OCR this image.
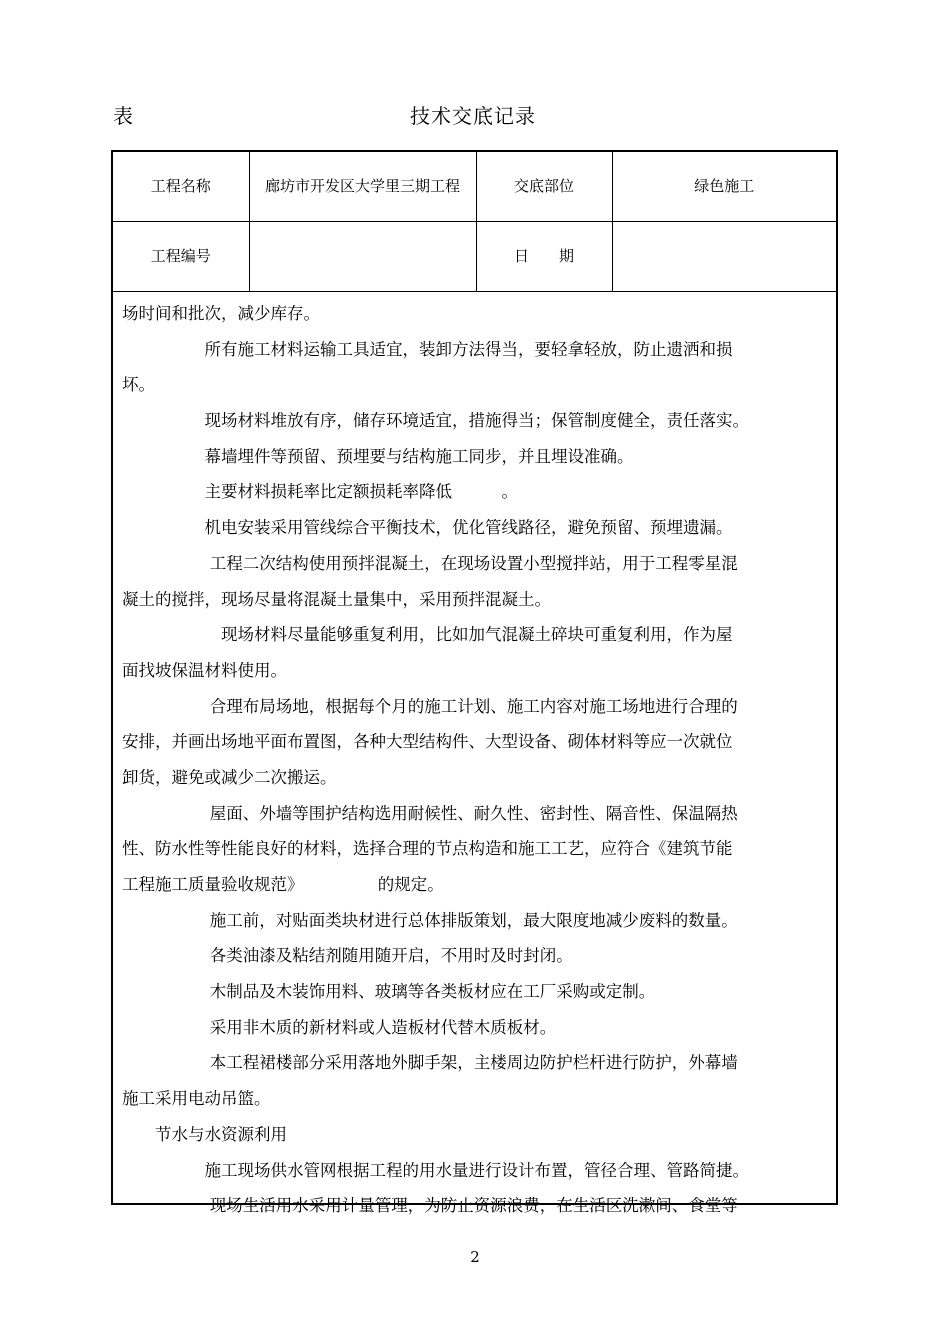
表	技术交底记录
工程名称	廊坊市开发区大学里三期工程	交底部位	绿色施工
工程编号		日　　期	
场时间和批次，减少库存。
　　　　　所有施工材料运输工具适宜，装卸方法得当，要轻拿轻放，防止遗洒和损
坏。
　　　　　现场材料堆放有序，储存环境适宜，措施得当；保管制度健全，责任落实。
　　　　　幕墙埋件等预留、预埋要与结构施工同步，并且埋设准确。
　　　　　主要材料损耗率比定额损耗率降低　　　。
　　　　　机电安装采用管线综合平衡技术，优化管线路径，避免预留、预埋遗漏。
　　　　　 工程二次结构使用预拌混凝土，在现场设置小型搅拌站，用于工程零星混
凝土的搅拌，现场尽量将混凝土量集中，采用预拌混凝土。
　　　　　　现场材料尽量能够重复利用，比如加气混凝土碎块可重复利用，作为屋
面找坡保温材料使用。
　　　　　 合理布局场地，根据每个月的施工计划、施工内容对施工场地进行合理的
安排，并画出场地平面布置图，各种大型结构件、大型设备、砌体材料等应一次就位
卸货，避免或减少二次搬运。
　　　　　 屋面、外墙等围护结构选用耐候性、耐久性、密封性、隔音性、保温隔热
性、防水性等性能良好的材料，选择合理的节点构造和施工工艺，应符合《建筑节能
工程施工质量验收规范》　　　　　的规定。
　　　　　 施工前，对贴面类块材进行总体排版策划，最大限度地减少废料的数量。
　　　　　 各类油漆及粘结剂随用随开启，不用时及时封闭。
　　　　　 木制品及木装饰用料、玻璃等各类板材应在工厂采购或定制。
　　　　　 采用非木质的新材料或人造板材代替木质板材。
　　　　　 本工程裙楼部分采用落地外脚手架，主楼周边防护栏杆进行防护，外幕墙
施工采用电动吊篮。
　　节水与水资源利用
　　　　　施工现场供水管网根据工程的用水量进行设计布置，管径合理、管路简捷。
　　　　　 现场生活用水采用计量管理，为防止资源浪费，在生活区洗漱间、食堂等
2
